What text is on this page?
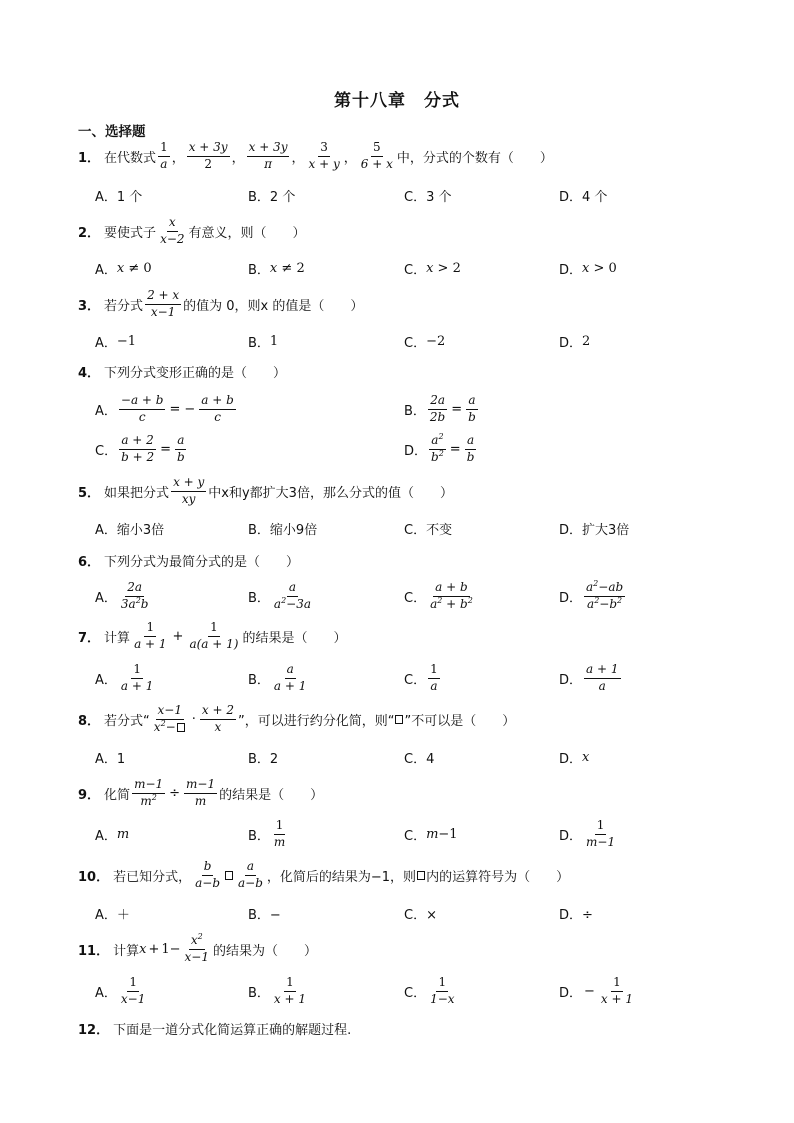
第十八章　分式
一、选择题
1． 在代数式 $\frac{1}{a}$ ， $\frac{x + 3y}{2}$ ， $\frac{x + 3y}{\pi}$ ， $\frac{3}{x + y}$ ， $\frac{5}{6 + x}$ 中，分式的个数有（　　）
A．1 个	B．2 个	C．3 个	D．4 个
2． 要使式子 $\frac{x}{x-2}$ 有意义，则（　　）
A． x ≠ 0	B． x ≠ 2	C． x > 2	D． x > 0
3． 若分式 $\frac{2 + x}{x-1}$ 的值为 0，则x 的值是（　　）
A． −1	B． 1	C． −2	D． 2
4． 下列分式变形正确的是（　　）
A． $\frac{-a + b}{c}$ = − $\frac{a + b}{c}$	B． $\frac{2a}{2b} = \frac{a}{b}$
C． $\frac{a + 2}{b + 2} = \frac{a}{b}$	D． $\frac{a^2}{b^2} = \frac{a}{b}$
5． 如果把分式 $\frac{x + y}{xy}$ 中x和y都扩大3倍，那么分式的值（　　）
A．缩小3倍	B．缩小9倍	C．不变	D．扩大3倍
6． 下列分式为最简分式的是（　　）
A． $\frac{2a}{3a^2b}$	B． $\frac{a}{a^2-3a}$	C． $\frac{a + b}{a^2 + b^2}$	D． $\frac{a^2-ab}{a^2-b^2}$
7． 计算 $\frac{1}{a + 1} + \frac{1}{a(a + 1)}$ 的结果是（　　）
A． $\frac{1}{a + 1}$	B． $\frac{a}{a + 1}$	C． $\frac{1}{a}$	D． $\frac{a + 1}{a}$
8． 若分式“ $\frac{x-1}{x^2-} \cdot \frac{x + 2}{x}$ ”，可以进行约分化简，则“ ”不可以是（　　）
A．1	B．2	C．4	D． x
9． 化简 $\frac{m-1}{m^2} \div \frac{m-1}{m}$ 的结果是（　　）
A． m	B． $\frac{1}{m}$	C． m −1	D． $\frac{1}{m-1}$
10． 若已知分式， $\frac{b}{a-b} \frac{a}{a-b}$ ，化简后的结果为−1，则 内的运算符号为（　　）
A．＋	B．−	C．×	D．÷
11． 计算 $x + 1- \frac{x^2}{x-1}$ 的结果为（　　）
A． $\frac{1}{x-1}$	B． $\frac{1}{x + 1}$	C． $\frac{1}{1-x}$	D． − $\frac{1}{x + 1}$
12． 下面是一道分式化简运算正确的解题过程.
